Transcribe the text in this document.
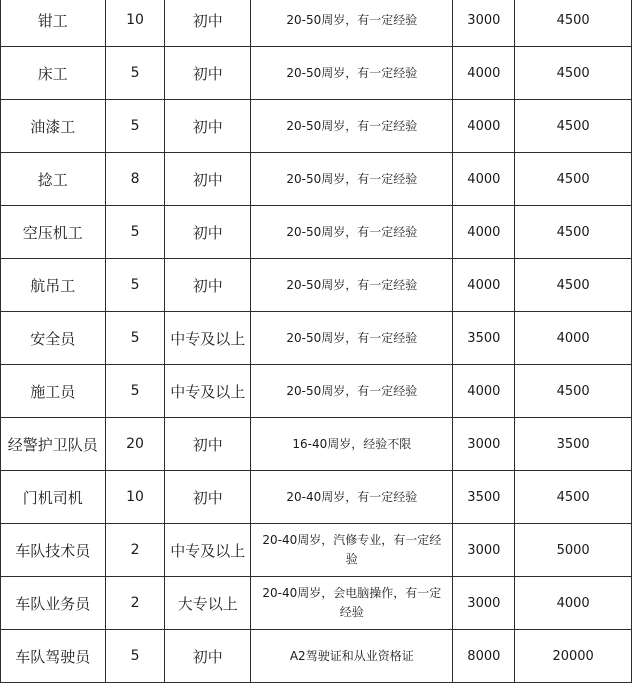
钳工	10	初中	20-50周岁，有一定经验	3000	4500
床工	5	初中	20-50周岁，有一定经验	4000	4500
油漆工	5	初中	20-50周岁，有一定经验	4000	4500
捻工	8	初中	20-50周岁，有一定经验	4000	4500
空压机工	5	初中	20-50周岁，有一定经验	4000	4500
航吊工	5	初中	20-50周岁，有一定经验	4000	4500
安全员	5	中专及以上	20-50周岁，有一定经验	3500	4000
施工员	5	中专及以上	20-50周岁，有一定经验	4000	4500
经警护卫队员	20	初中	16-40周岁，经验不限	3000	3500
门机司机	10	初中	20-40周岁，有一定经验	3500	4500
车队技术员	2	中专及以上	20-40周岁，汽修专业，有一定经验	3000	5000
车队业务员	2	大专以上	20-40周岁，会电脑操作，有一定经验	3000	4000
车队驾驶员	5	初中	A2驾驶证和从业资格证	8000	20000
